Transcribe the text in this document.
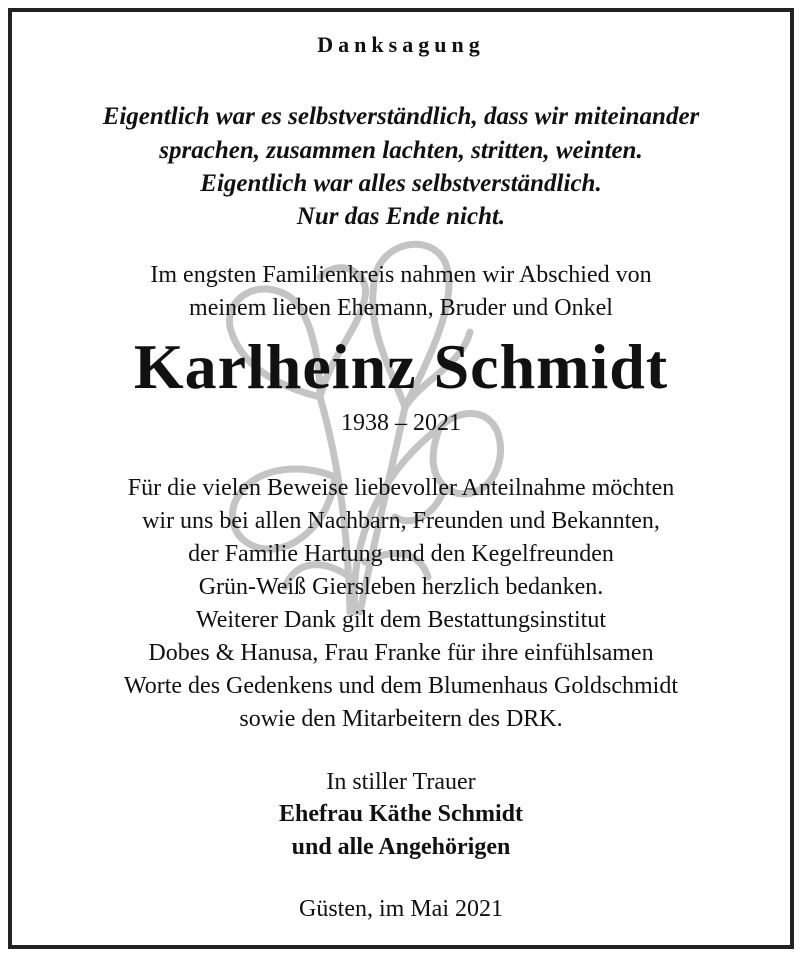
Danksagung
Eigentlich war es selbstverständlich, dass wir miteinander
sprachen, zusammen lachten, stritten, weinten.
Eigentlich war alles selbstverständlich.
Nur das Ende nicht.
Im engsten Familienkreis nahmen wir Abschied von
meinem lieben Ehemann, Bruder und Onkel
Karlheinz Schmidt
1938 – 2021
Für die vielen Beweise liebevoller Anteilnahme möchten
wir uns bei allen Nachbarn, Freunden und Bekannten,
der Familie Hartung und den Kegelfreunden
Grün-Weiß Giersleben herzlich bedanken.
Weiterer Dank gilt dem Bestattungsinstitut
Dobes & Hanusa, Frau Franke für ihre einfühlsamen
Worte des Gedenkens und dem Blumenhaus Goldschmidt
sowie den Mitarbeitern des DRK.
In stiller Trauer
Ehefrau Käthe Schmidt
und alle Angehörigen
Güsten, im Mai 2021
